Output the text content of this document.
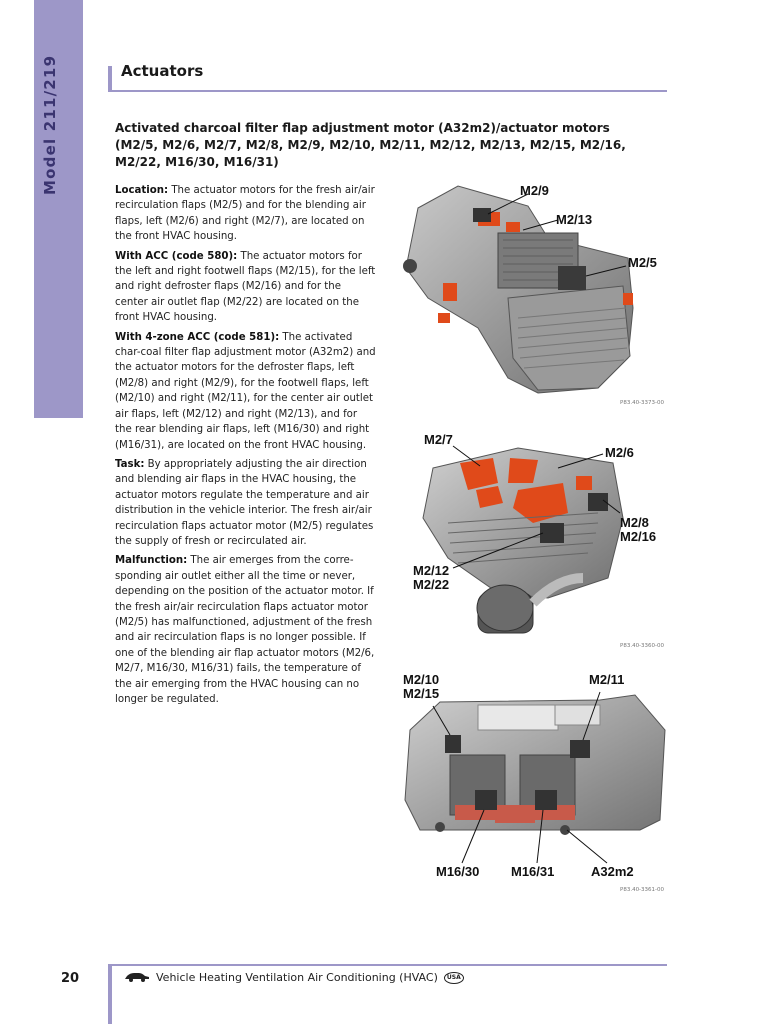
Model 211/219	Actuators
Activated charcoal filter flap adjustment motor (A32m2)/actuator motors (M2/5, M2/6, M2/7, M2/8, M2/9, M2/10, M2/11, M2/12, M2/13, M2/15, M2/16, M2/22, M16/30, M16/31)

Location: The actuator motors for the fresh air/air recirculation flaps (M2/5) and for the blending air flaps, left (M2/6) and right (M2/7), are located on the front HVAC housing.

With ACC (code 580): The actuator motors for the left and right footwell flaps (M2/15), for the left and right defroster flaps (M2/16) and for the center air outlet flap (M2/22) are located on the front HVAC housing.

With 4-zone ACC (code 581): The activated char-coal filter flap adjustment motor (A32m2) and the actuator motors for the defroster flaps, left (M2/8) and right (M2/9), for the footwell flaps, left (M2/10) and right (M2/11), for the center air outlet air flaps, left (M2/12) and right (M2/13), and for the rear blending air flaps, left (M16/30) and right (M16/31), are located on the front HVAC housing.

Task: By appropriately adjusting the air direction and blending air flaps in the HVAC housing, the actuator motors regulate the temperature and air distribution in the vehicle interior. The fresh air/air recirculation flaps actuator motor (M2/5) regulates the supply of fresh or recirculated air.

Malfunction: The air emerges from the corre-sponding air outlet either all the time or never, depending on the position of the actuator motor. If the fresh air/air recirculation flaps actuator motor (M2/5) has malfunctioned, adjustment of the fresh and air recirculation flaps is no longer possible. If one of the blending air flap actuator motors (M2/6, M2/7, M16/30, M16/31) fails, the temperature of the air emerging from the HVAC housing can no longer be regulated.

M2/9
M2/13
M2/5
P83.40-3373-00
M2/7
M2/6
M2/8
M2/16
M2/12
M2/22
P83.40-3360-00
M2/10
M2/15
M2/11
M16/30 M16/31	A32m2
P83.40-3361-00
20	Vehicle Heating Ventilation Air Conditioning (HVAC)	USA
